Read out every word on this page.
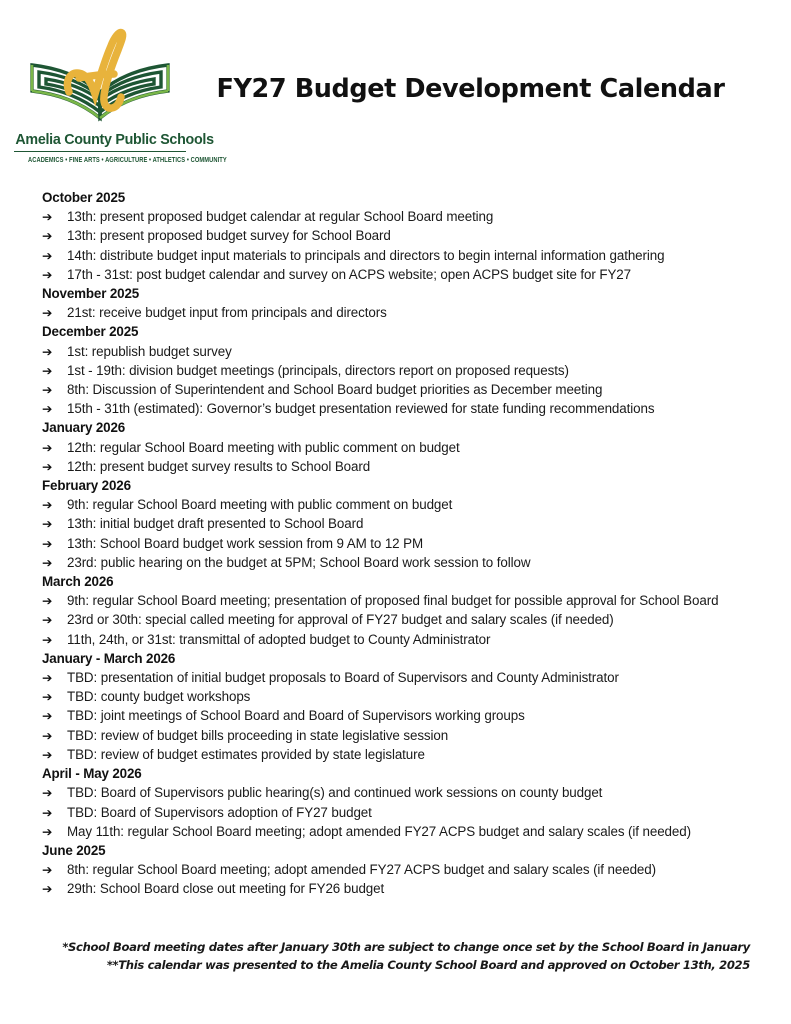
Amelia County Public Schools
ACADEMICS • FINE ARTS • AGRICULTURE • ATHLETICS • COMMUNITY
FY27 Budget Development Calendar
October 2025
➔	13th: present proposed budget calendar at regular School Board meeting
➔	13th: present proposed budget survey for School Board
➔	14th: distribute budget input materials to principals and directors to begin internal information gathering
➔	17th - 31st: post budget calendar and survey on ACPS website; open ACPS budget site for FY27
November 2025
➔	21st: receive budget input from principals and directors
December 2025
➔	1st: republish budget survey
➔	1st - 19th: division budget meetings (principals, directors report on proposed requests)
➔	8th: Discussion of Superintendent and School Board budget priorities as December meeting
➔	15th - 31th (estimated): Governor’s budget presentation reviewed for state funding recommendations
January 2026
➔	12th: regular School Board meeting with public comment on budget
➔	12th: present budget survey results to School Board
February 2026
➔	9th: regular School Board meeting with public comment on budget
➔	13th: initial budget draft presented to School Board
➔	13th: School Board budget work session from 9 AM to 12 PM
➔	23rd: public hearing on the budget at 5PM; School Board work session to follow
March 2026
➔	9th: regular School Board meeting; presentation of proposed final budget for possible approval for School Board
➔	23rd or 30th: special called meeting for approval of FY27 budget and salary scales (if needed)
➔	11th, 24th, or 31st: transmittal of adopted budget to County Administrator
January - March 2026
➔	TBD: presentation of initial budget proposals to Board of Supervisors and County Administrator
➔	TBD: county budget workshops
➔	TBD: joint meetings of School Board and Board of Supervisors working groups
➔	TBD: review of budget bills proceeding in state legislative session
➔	TBD: review of budget estimates provided by state legislature
April - May 2026
➔	TBD: Board of Supervisors public hearing(s) and continued work sessions on county budget
➔	TBD: Board of Supervisors adoption of FY27 budget
➔	May 11th: regular School Board meeting; adopt amended FY27 ACPS budget and salary scales (if needed)
June 2025
➔	8th: regular School Board meeting; adopt amended FY27 ACPS budget and salary scales (if needed)
➔	29th: School Board close out meeting for FY26 budget
*School Board meeting dates after January 30th are subject to change once set by the School Board in January
**This calendar was presented to the Amelia County School Board and approved on October 13th, 2025
